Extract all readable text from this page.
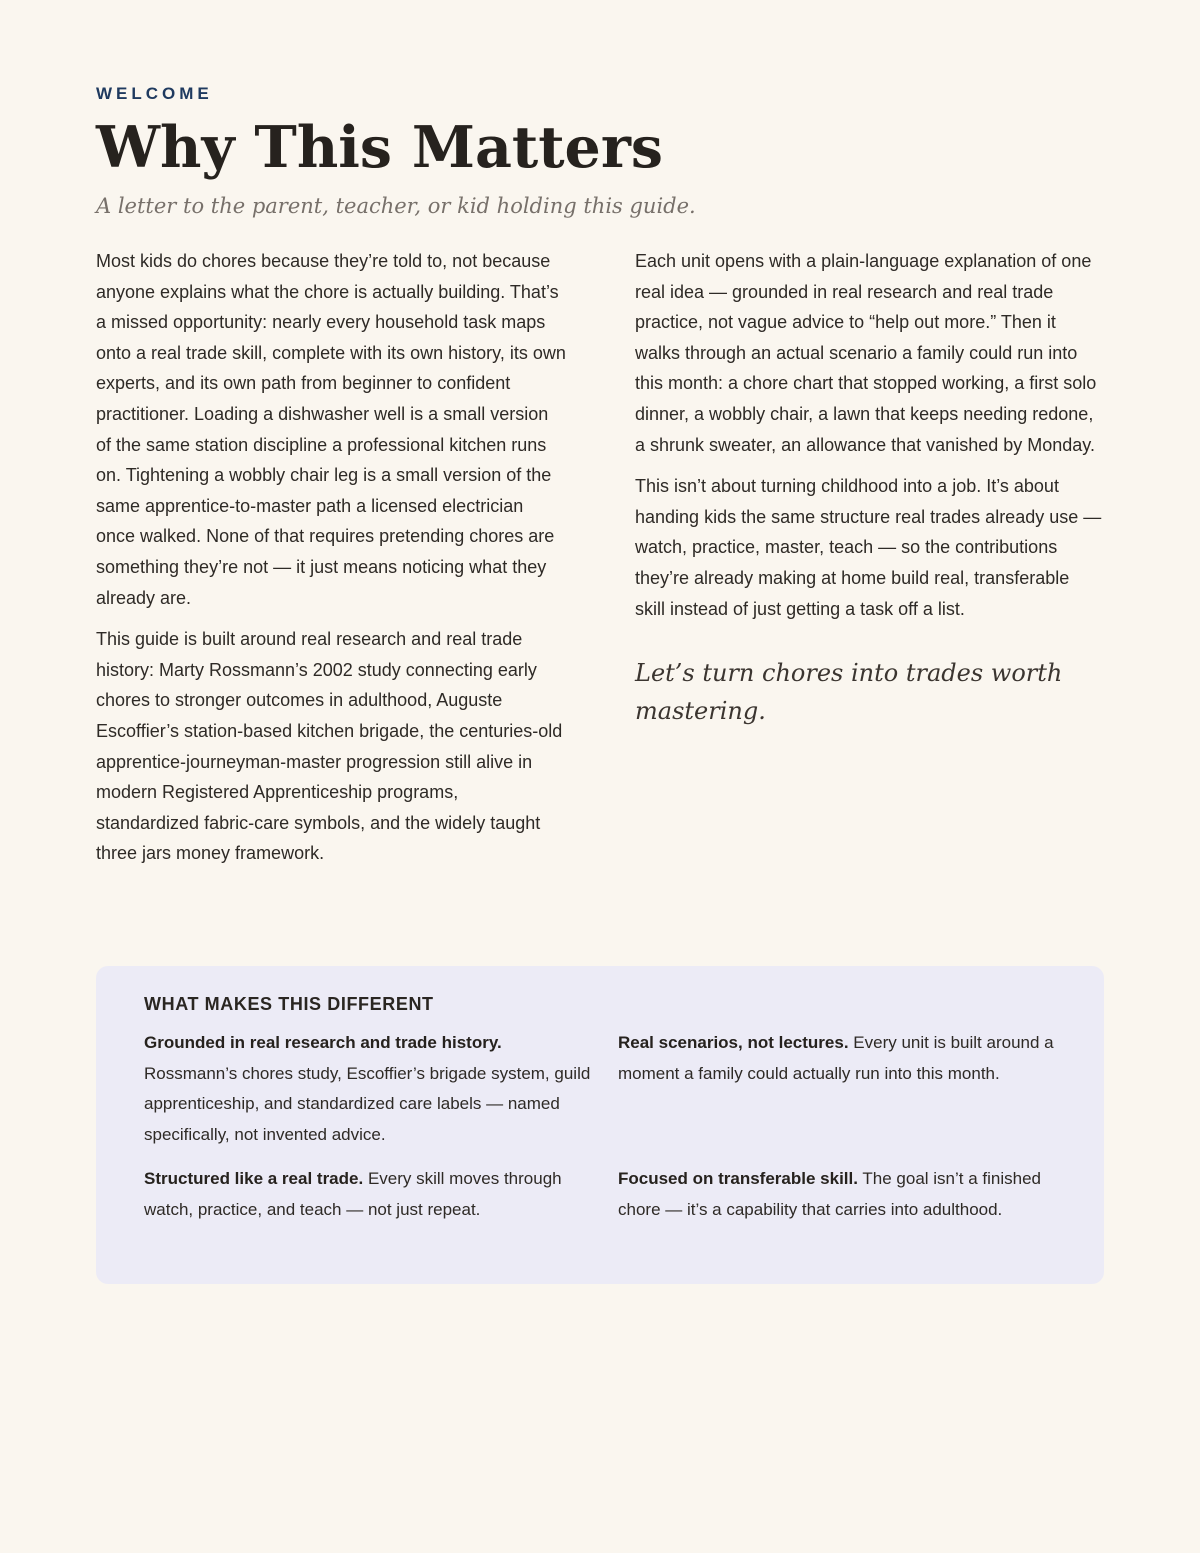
WELCOME
Why This Matters
A letter to the parent, teacher, or kid holding this guide.

Most kids do chores because they’re told to, not because anyone explains what the chore is actually building. That’s a missed opportunity: nearly every household task maps onto a real trade skill, complete with its own history, its own experts, and its own path from beginner to confident practitioner. Loading a dishwasher well is a small version of the same station discipline a professional kitchen runs on. Tightening a wobbly chair leg is a small version of the same apprentice-to-master path a licensed electrician once walked. None of that requires pretending chores are something they’re not — it just means noticing what they already are.

This guide is built around real research and real trade history: Marty Rossmann’s 2002 study connecting early chores to stronger outcomes in adulthood, Auguste Escoffier’s station-based kitchen brigade, the centuries-old apprentice-journeyman-master progression still alive in modern Registered Apprenticeship programs, standardized fabric-care symbols, and the widely taught three jars money framework.

Each unit opens with a plain-language explanation of one real idea — grounded in real research and real trade practice, not vague advice to “help out more.” Then it walks through an actual scenario a family could run into this month: a chore chart that stopped working, a first solo dinner, a wobbly chair, a lawn that keeps needing redone, a shrunk sweater, an allowance that vanished by Monday.

This isn’t about turning childhood into a job. It’s about handing kids the same structure real trades already use — watch, practice, master, teach — so the contributions they’re already making at home build real, transferable skill instead of just getting a task off a list.

Let’s turn chores into trades worth mastering.
WHAT MAKES THIS DIFFERENT
Grounded in real research and trade history. Rossmann’s chores study, Escoffier’s brigade system, guild apprenticeship, and standardized care labels — named specifically, not invented advice.
Real scenarios, not lectures. Every unit is built around a moment a family could actually run into this month.
Structured like a real trade. Every skill moves through watch, practice, and teach — not just repeat.
Focused on transferable skill. The goal isn’t a finished chore — it’s a capability that carries into adulthood.
